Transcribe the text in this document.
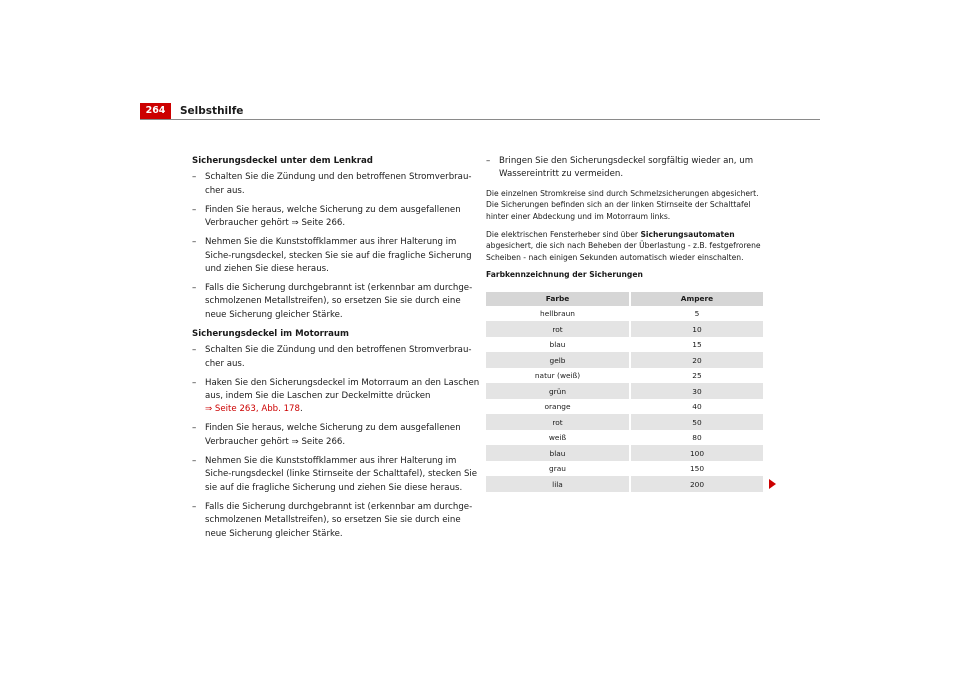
264	Selbsthilfe
Sicherungsdeckel unter dem Lenkrad
– Schalten Sie die Zündung und den betroffenen Stromverbrau-cher aus.
– Finden Sie heraus, welche Sicherung zu dem ausgefallenen Verbraucher gehört ⇒ Seite 266.
– Nehmen Sie die Kunststoffklammer aus ihrer Halterung im Siche-rungsdeckel, stecken Sie sie auf die fragliche Sicherung und ziehen Sie diese heraus.
– Falls die Sicherung durchgebrannt ist (erkennbar am durchge-schmolzenen Metallstreifen), so ersetzen Sie sie durch eine neue Sicherung gleicher Stärke.
Sicherungsdeckel im Motorraum
– Schalten Sie die Zündung und den betroffenen Stromverbrau-cher aus.
– Haken Sie den Sicherungsdeckel im Motorraum an den Laschen aus, indem Sie die Laschen zur Deckelmitte drücken
⇒ Seite 263, Abb. 178.
– Finden Sie heraus, welche Sicherung zu dem ausgefallenen Verbraucher gehört ⇒ Seite 266.
– Nehmen Sie die Kunststoffklammer aus ihrer Halterung im Siche-rungsdeckel (linke Stirnseite der Schalttafel), stecken Sie sie auf die fragliche Sicherung und ziehen Sie diese heraus.
– Falls die Sicherung durchgebrannt ist (erkennbar am durchge-schmolzenen Metallstreifen), so ersetzen Sie sie durch eine neue Sicherung gleicher Stärke.
– Bringen Sie den Sicherungsdeckel sorgfältig wieder an, um Wassereintritt zu vermeiden.
Die einzelnen Stromkreise sind durch Schmelzsicherungen abgesichert. Die Sicherungen befinden sich an der linken Stirnseite der Schalttafel hinter einer Abdeckung und im Motorraum links.
Die elektrischen Fensterheber sind über Sicherungsautomaten abgesichert, die sich nach Beheben der Überlastung - z.B. festgefrorene Scheiben - nach einigen Sekunden automatisch wieder einschalten.
Farbkennzeichnung der Sicherungen
Farbe	Ampere
hellbraun	5
rot	10
blau	15
gelb	20
natur (weiß)	25
grün	30
orange	40
rot	50
weiß	80
blau	100
grau	150
lila	200
